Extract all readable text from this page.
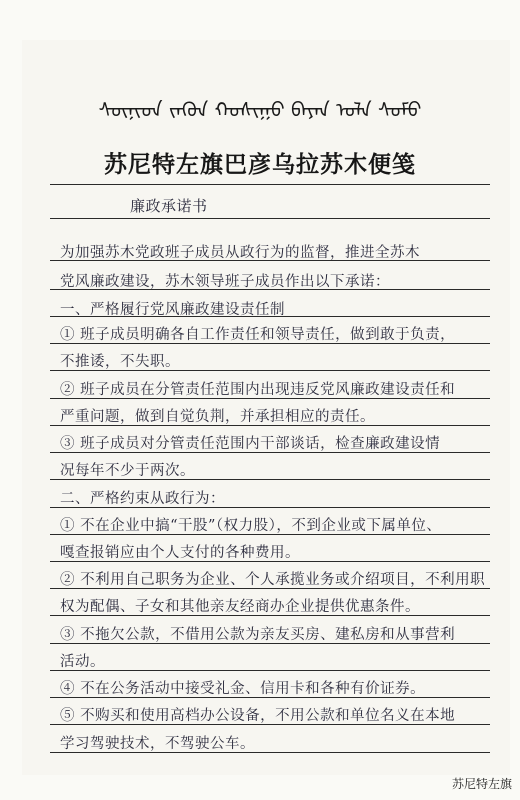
ᠰᠦᠨᠢᠳ ᠵᠡᠭᠦᠨ ᠬᠣᠰᠢᠭᠤ ᠪᠠᠶᠠᠨ ᠤᠯᠠ ᠰᠤᠮᠤ
苏尼特左旗巴彦乌拉苏木便笺
廉政承诺书
为加强苏木党政班子成员从政行为的监督，推进全苏木
党风廉政建设，苏木领导班子成员作出以下承诺：
一、严格履行党风廉政建设责任制
① 班子成员明确各自工作责任和领导责任，做到敢于负责，
不推诿，不失职。
② 班子成员在分管责任范围内出现违反党风廉政建设责任和
严重问题，做到自觉负荆，并承担相应的责任。
③ 班子成员对分管责任范围内干部谈话，检查廉政建设情
况每年不少于两次。
二、严格约束从政行为：
① 不在企业中搞“干股”（权力股），不到企业或下属单位、
嘎查报销应由个人支付的各种费用。
② 不利用自己职务为企业、个人承揽业务或介绍项目，不利用职
权为配偶、子女和其他亲友经商办企业提供优惠条件。
③ 不拖欠公款，不借用公款为亲友买房、建私房和从事营利
活动。
④ 不在公务活动中接受礼金、信用卡和各种有价证券。
⑤ 不购买和使用高档办公设备，不用公款和单位名义在本地
学习驾驶技术，不驾驶公车。
苏尼特左旗
